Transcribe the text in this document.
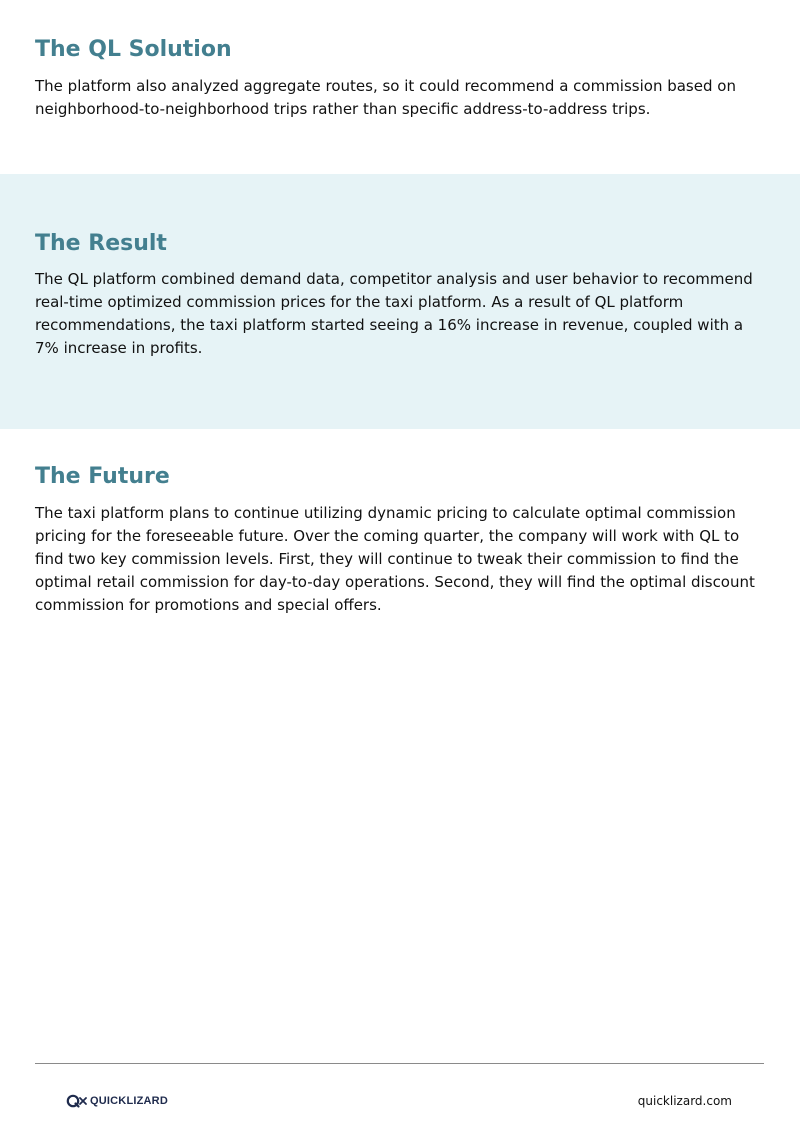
The QL Solution

The platform also analyzed aggregate routes, so it could recommend a commission based on neighborhood-to-neighborhood trips rather than specific address-to-address trips.

The Result

The QL platform combined demand data, competitor analysis and user behavior to recommend real-time optimized commission prices for the taxi platform. As a result of QL platform recommendations, the taxi platform started seeing a 16% increase in revenue, coupled with a 7% increase in profits.

The Future

The taxi platform plans to continue utilizing dynamic pricing to calculate optimal commission pricing for the foreseeable future. Over the coming quarter, the company will work with QL to find two key commission levels. First, they will continue to tweak their commission to find the optimal retail commission for day-to-day operations. Second, they will find the optimal discount commission for promotions and special offers.

QUICKLIZARD	quicklizard.com
